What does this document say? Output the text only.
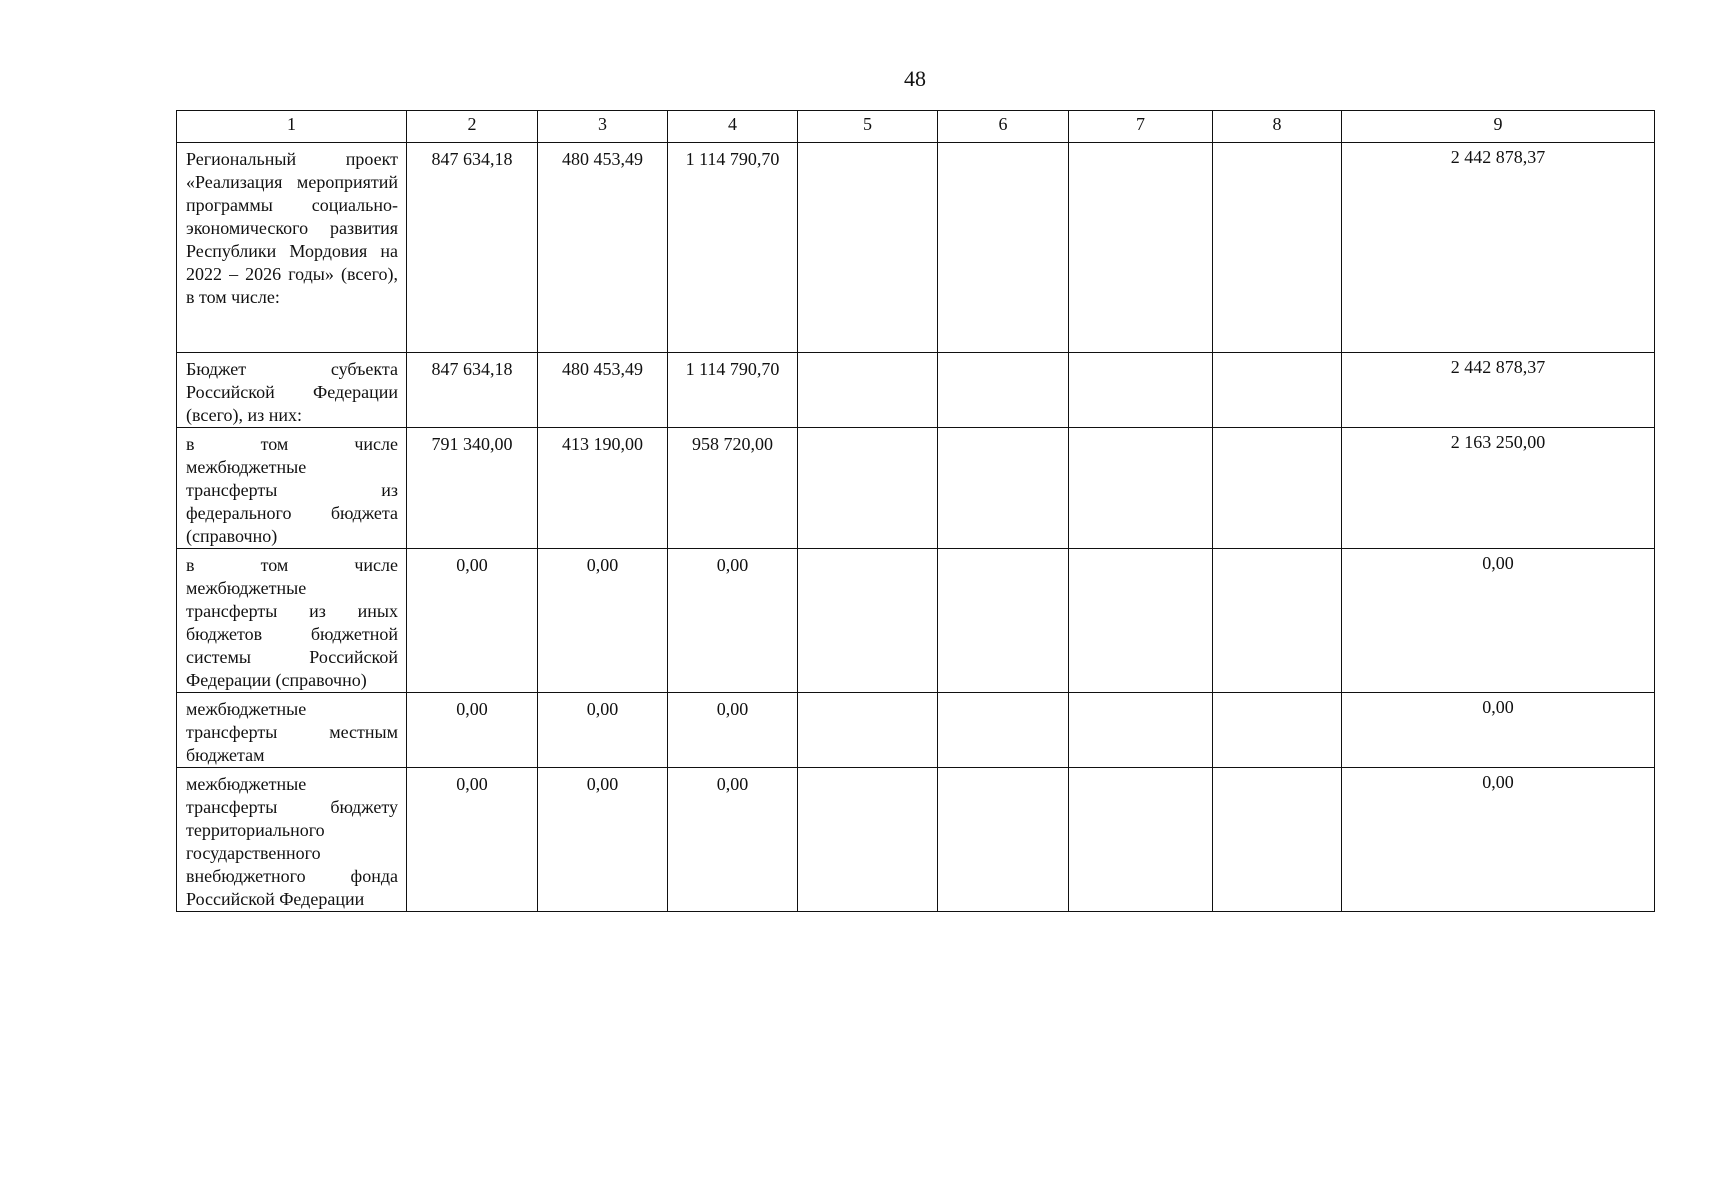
48
1	2	3	4	5	6	7	8	9
Региональный проект «Реализация мероприятий программы социально-экономического развития Республики Мордовия на 2022 – 2026 годы» (всего), в том числе:	847 634,18	480 453,49	1 114 790,70					2 442 878,37
Бюджет субъекта Российской Федерации (всего), из них:	847 634,18	480 453,49	1 114 790,70					2 442 878,37
в том числе межбюджетные трансферты из федерального бюджета (справочно)	791 340,00	413 190,00	958 720,00					2 163 250,00
в том числе межбюджетные трансферты из иных бюджетов бюджетной системы Российской Федерации (справочно)	0,00	0,00	0,00					0,00
межбюджетные трансферты местным бюджетам	0,00	0,00	0,00					0,00
межбюджетные трансферты бюджету территориального государственного внебюджетного фонда Российской Федерации	0,00	0,00	0,00					0,00
